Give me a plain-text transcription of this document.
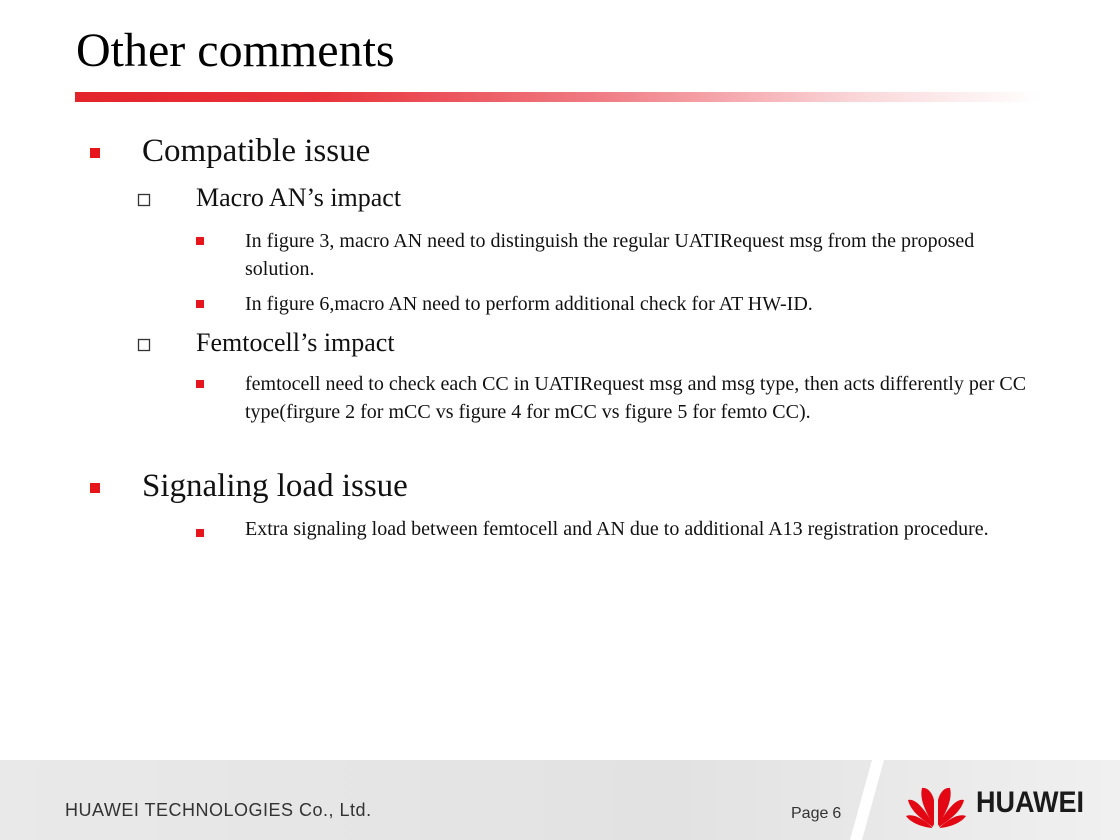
Other comments
Compatible issue
Macro AN’s impact
In figure 3, macro AN need to distinguish the regular UATIRequest msg from the proposed solution.
In figure 6,macro AN need to perform additional check for AT HW-ID.
Femtocell’s impact
femtocell need to check each CC in UATIRequest msg and msg type, then acts differently per CC type(firgure 2 for mCC vs figure 4 for mCC vs figure 5 for femto CC).
Signaling load issue
Extra signaling load between femtocell and AN due to additional A13 registration procedure.
HUAWEI TECHNOLOGIES Co., Ltd.	Page 6	HUAWEI
